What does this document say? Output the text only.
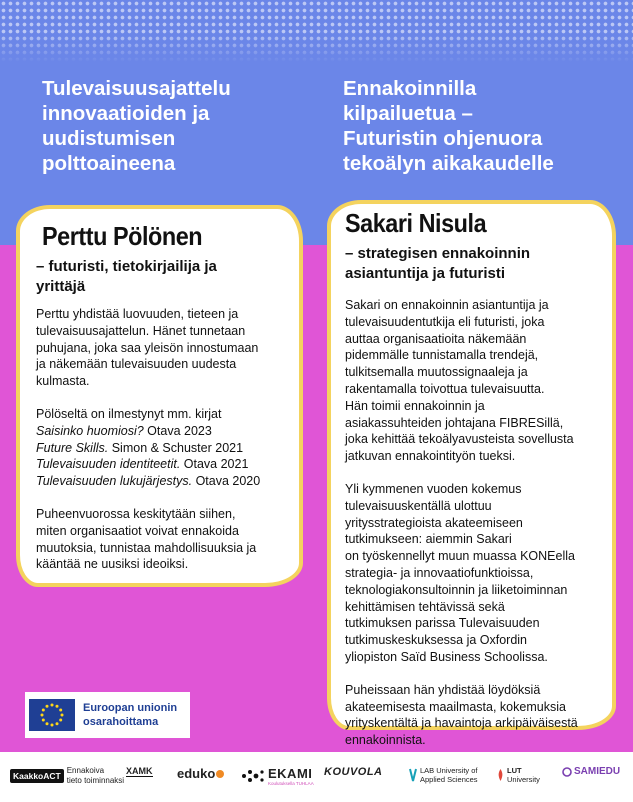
Tulevaisuusajattelu
innovaatioiden ja
uudistumisen
polttoaineena
Ennakoinnilla
kilpailuetua –
Futuristin ohjenuora
tekoälyn aikakaudelle
Perttu Pölönen
– futuristi, tietokirjailija ja
yrittäjä

Perttu yhdistää luovuuden, tieteen ja
tulevaisuusajattelun. Hänet tunnetaan
puhujana, joka saa yleisön innostumaan
ja näkemään tulevaisuuden uudesta
kulmasta.

Pölöseltä on ilmestynyt mm. kirjat
Saisinko huomiosi? Otava 2023
Future Skills. Simon & Schuster 2021
Tulevaisuuden identiteetit. Otava 2021
Tulevaisuuden lukujärjestys. Otava 2020

Puheenvuorossa keskitytään siihen,
miten organisaatiot voivat ennakoida
muutoksia, tunnistaa mahdollisuuksia ja
kääntää ne uusiksi ideoiksi.

Sakari Nisula
– strategisen ennakoinnin
asiantuntija ja futuristi

Sakari on ennakoinnin asiantuntija ja
tulevaisuudentutkija eli futuristi, joka
auttaa organisaatioita näkemään
pidemmälle tunnistamalla trendejä,
tulkitsemalla muutossignaaleja ja
rakentamalla toivottua tulevaisuutta.
Hän toimii ennakoinnin ja
asiakassuhteiden johtajana FIBRESillä,
joka kehittää tekoälyavusteista sovellusta
jatkuvan ennakointityön tueksi.

Yli kymmenen vuoden kokemus
tulevaisuuskentällä ulottuu
yritysstrategioista akateemiseen
tutkimukseen: aiemmin Sakari
on työskennellyt muun muassa KONEella
strategia- ja innovaatiofunktioissa,
teknologiakonsultoinnin ja liiketoiminnan
kehittämisen tehtävissä sekä
tutkimuksen parissa Tulevaisuuden
tutkimuskeskuksessa ja Oxfordin
yliopiston Saïd Business Schoolissa.

Puheissaan hän yhdistää löydöksiä
akateemisesta maailmasta, kokemuksia
yrityskentältä ja havaintoja arkipäiväisestä
ennakoinnista.

Euroopan unionin
osarahoittama
KaakkoACT
Ennakoiva
tieto toiminnaksi
XAMK eduko	EKAMI
Koulutuksella TUHLAA
KOUVOLA	LAB University of
Applied Sciences
LUT
University
SAMIEDU
